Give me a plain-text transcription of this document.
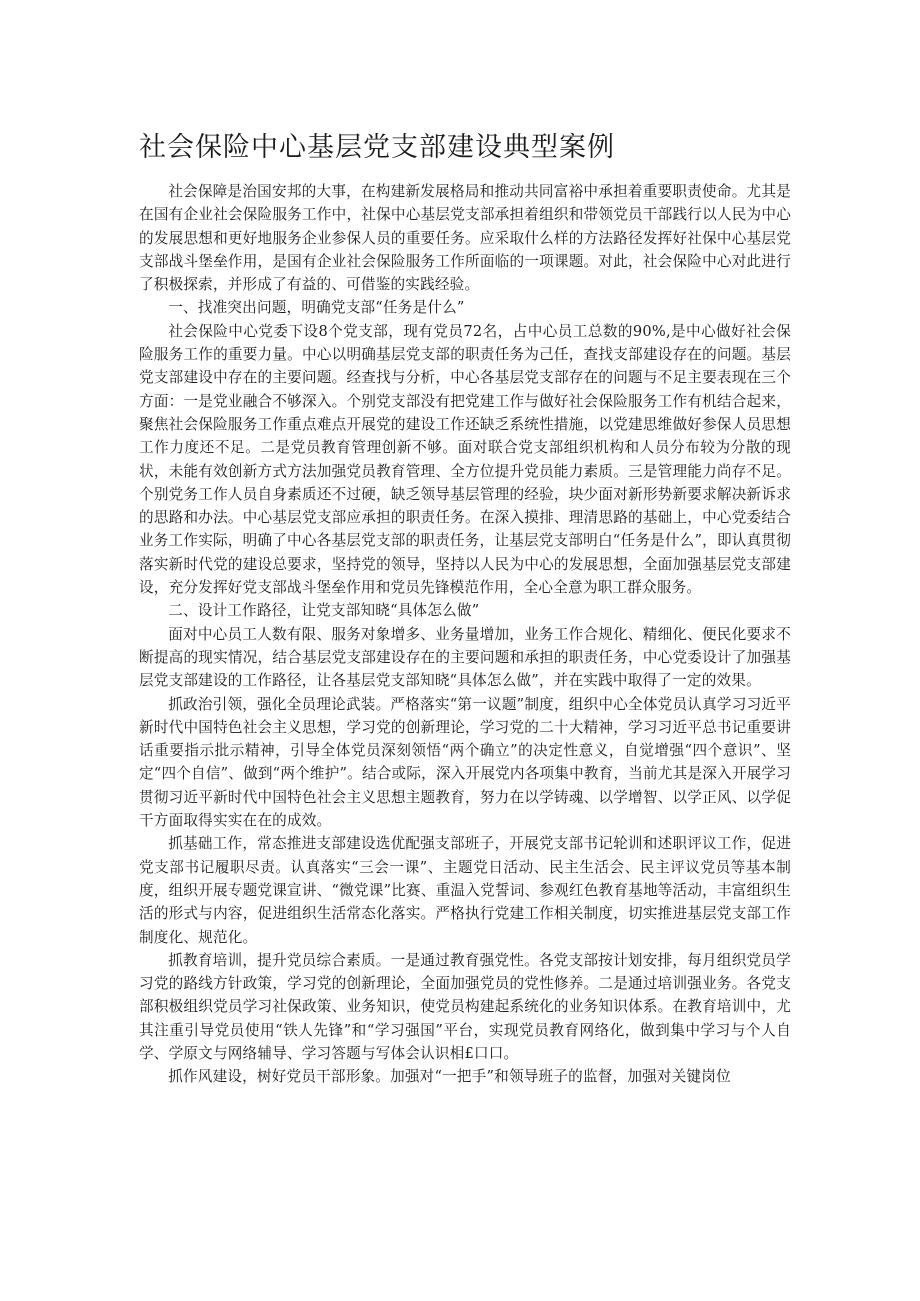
社会保险中心基层党支部建设典型案例

社会保障是治国安邦的大事，在构建新发展格局和推动共同富裕中承担着重要职责使命。尤其是在国有企业社会保险服务工作中，社保中心基层党支部承担着组织和带领党员干部践行以人民为中心的发展思想和更好地服务企业参保人员的重要任务。应采取什么样的方法路径发挥好社保中心基层党支部战斗堡垒作用，是国有企业社会保险服务工作所面临的一项课题。对此，社会保险中心对此进行了积极探索，并形成了有益的、可借鉴的实践经验。

一、找准突出问题，明确党支部“任务是什么”

社会保险中心党委下设8个党支部，现有党员72名，占中心员工总数的90%,是中心做好社会保险服务工作的重要力量。中心以明确基层党支部的职责任务为己任，查找支部建设存在的问题。基层党支部建设中存在的主要问题。经查找与分析，中心各基层党支部存在的问题与不足主要表现在三个方面：一是党业融合不够深入。个别党支部没有把党建工作与做好社会保险服务工作有机结合起来，聚焦社会保险服务工作重点难点开展党的建设工作还缺乏系统性措施，以党建思维做好参保人员思想工作力度还不足。二是党员教育管理创新不够。面对联合党支部组织机构和人员分布较为分散的现状，未能有效创新方式方法加强党员教育管理、全方位提升党员能力素质。三是管理能力尚存不足。个别党务工作人员自身素质还不过硬，缺乏领导基层管理的经验，块少面对新形势新要求解决新诉求的思路和办法。中心基层党支部应承担的职责任务。在深入摸排、理清思路的基础上，中心党委结合业务工作实际，明确了中心各基层党支部的职责任务，让基层党支部明白“任务是什么”，即认真贯彻落实新时代党的建设总要求，坚持党的领导，坚持以人民为中心的发展思想，全面加强基层党支部建设，充分发挥好党支部战斗堡垒作用和党员先锋模范作用，全心全意为职工群众服务。

二、设计工作路径，让党支部知晓“具体怎么做”

面对中心员工人数有限、服务对象增多、业务量增加，业务工作合规化、精细化、便民化要求不断提高的现实情况，结合基层党支部建设存在的主要问题和承担的职责任务，中心党委设计了加强基层党支部建设的工作路径，让各基层党支部知晓“具体怎么做”，并在实践中取得了一定的效果。

抓政治引领，强化全员理论武装。严格落实“第一议题”制度，组织中心全体党员认真学习习近平新时代中国特色社会主义思想，学习党的创新理论，学习党的二十大精神，学习习近平总书记重要讲话重要指示批示精神，引导全体党员深刻领悟“两个确立”的决定性意义，自觉增强“四个意识”、坚定“四个自信”、做到“两个维护”。结合或际，深入开展党内各项集中教育，当前尤其是深入开展学习贯彻习近平新时代中国特色社会主义思想主题教育，努力在以学铸魂、以学增智、以学正风、以学促干方面取得实实在在的成效。

抓基础工作，常态推进支部建设选优配强支部班子，开展党支部书记轮训和述职评议工作，促进党支部书记履职尽责。认真落实“三会一课”、主题党日活动、民主生活会、民主评议党员等基本制度，组织开展专题党课宣讲、“微党课”比赛、重温入党誓词、参观红色教育基地等活动，丰富组织生活的形式与内容，促进组织生活常态化落实。严格执行党建工作相关制度，切实推进基层党支部工作制度化、规范化。

抓教育培训，提升党员综合素质。一是通过教育强党性。各党支部按计划安排，每月组织党员学习党的路线方针政策，学习党的创新理论，全面加强党员的党性修养。二是通过培训强业务。各党支部积极组织党员学习社保政策、业务知识，使党员构建起系统化的业务知识体系。在教育培训中，尤其注重引导党员使用“铁人先锋”和“学习强国”平台，实现党员教育网络化，做到集中学习与个人自学、学原文与网络辅导、学习答题与写体会认识相£口口。

抓作风建设，树好党员干部形象。加强对“一把手”和领导班子的监督，加强对关键岗位
